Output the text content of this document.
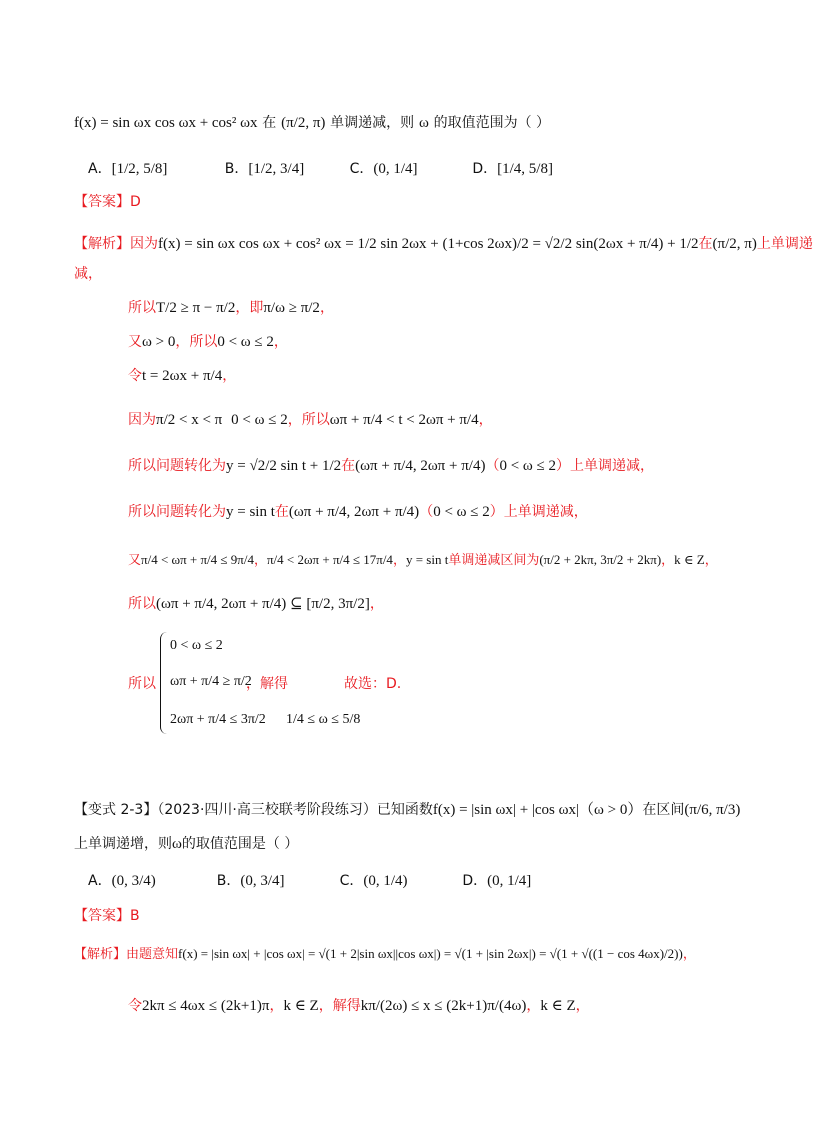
f(x) = sin ωx cos ωx + cos² ωx 在 (π/2, π) 单调递减，则 ω 的取值范围为（ ）
A．[1/2, 5/8]	B．[1/2, 3/4]	C．(0, 1/4]	D．[1/4, 5/8]
【答案】D
【解析】因为f(x) = sin ωx cos ωx + cos² ωx = 1/2 sin 2ωx + (1+cos 2ωx)/2 = √2/2 sin(2ωx + π/4) + 1/2在(π/2, π)上单调递
减，
所以T/2 ≥ π − π/2，即π/ω ≥ π/2，
又ω > 0，所以0 < ω ≤ 2，
令t = 2ωx + π/4，
因为π/2 < x < π 0 < ω ≤ 2，所以ωπ + π/4 < t < 2ωπ + π/4，
所以问题转化为y = √2/2 sin t + 1/2在(ωπ + π/4, 2ωπ + π/4)（0 < ω ≤ 2）上单调递减，
所以问题转化为y = sin t在(ωπ + π/4, 2ωπ + π/4)（0 < ω ≤ 2）上单调递减，
又π/4 < ωπ + π/4 ≤ 9π/4，π/4 < 2ωπ + π/4 ≤ 17π/4，y = sin t单调递减区间为(π/2 + 2kπ, 3π/2 + 2kπ)，k ∈ Z，
所以(ωπ + π/4, 2ωπ + π/4) ⊆ [π/2, 3π/2]，
所以
0 < ω ≤ 2
ωπ + π/4 ≥ π/2
2ωπ + π/4 ≤ 3π/2
，解得
1/4 ≤ ω ≤ 5/8
故选：D.
【变式 2-3】（2023·四川·高三校联考阶段练习）已知函数f(x) = |sin ωx| + |cos ωx|（ω > 0）在区间(π/6, π/3)
上单调递增，则ω的取值范围是（ ）
A．(0, 3/4)	B．(0, 3/4]	C．(0, 1/4)	D．(0, 1/4]
【答案】B
【解析】由题意知f(x) = |sin ωx| + |cos ωx| = √(1 + 2|sin ωx||cos ωx|) = √(1 + |sin 2ωx|) = √(1 + √((1 − cos 4ωx)/2))，
令2kπ ≤ 4ωx ≤ (2k+1)π，k ∈ Z，解得kπ/(2ω) ≤ x ≤ (2k+1)π/(4ω)，k ∈ Z，
